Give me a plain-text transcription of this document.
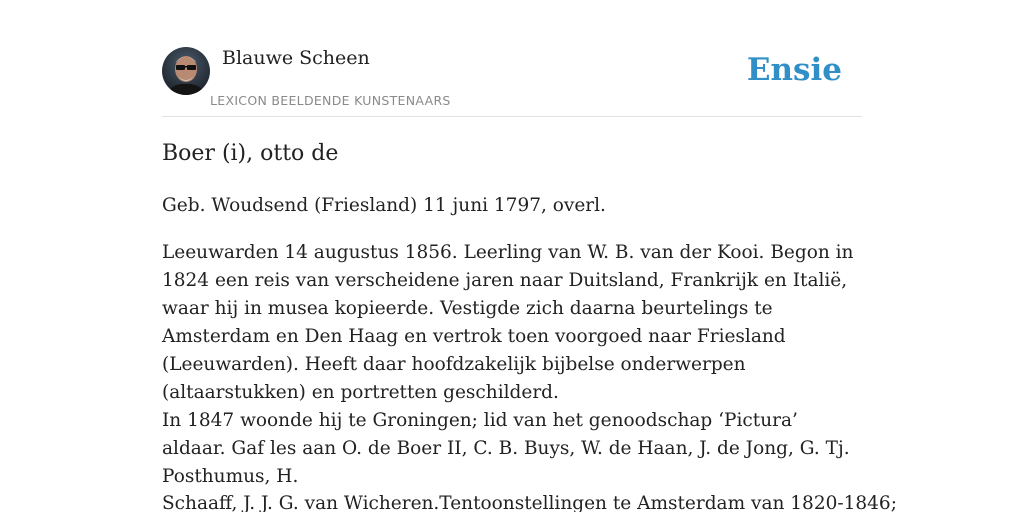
Blauwe Scheen
LEXICON BEELDENDE KUNSTENAARS
Ensie
Boer (i), otto de

Geb. Woudsend (Friesland) 11 juni 1797, overl.

Leeuwarden 14 augustus 1856. Leerling van W. B. van der Kooi. Begon in 1824 een reis van verscheidene jaren naar Duitsland, Frankrijk en Italië, waar hij in musea kopieerde. Vestigde zich daarna beurtelings te Amsterdam en Den Haag en vertrok toen voorgoed naar Friesland (Leeuwarden). Heeft daar hoofdzakelijk bijbelse onderwerpen (altaarstukken) en portretten geschilderd.

In 1847 woonde hij te Groningen; lid van het genoodschap ‘Pictura’ aldaar. Gaf les aan O. de Boer II, C. B. Buys, W. de Haan, J. de Jong, G. Tj. Posthumus, H.

Schaaff, J. J. G. van Wicheren.Tentoonstellingen te Amsterdam van 1820-1846;
